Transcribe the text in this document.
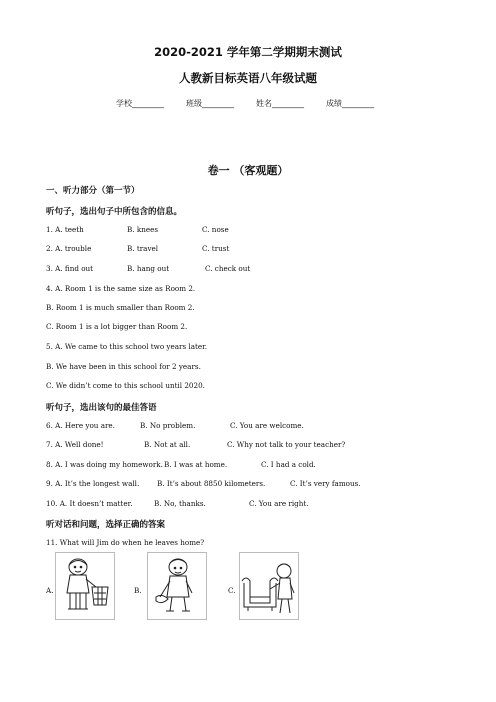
2020-2021 学年第二学期期末测试
人教新目标英语八年级试题
学校________	班级________	姓名________	成绩________
卷一 （客观题）
一、听力部分（第一节）
听句子，选出句子中所包含的信息。
1. A. teeth	B. knees	C. nose
2. A. trouble	B. travel	C. trust
3. A. find out	B. hang out	C. check out
4. A. Room 1 is the same size as Room 2.
B. Room 1 is much smaller than Room 2.
C. Room 1 is a lot bigger than Room 2.
5. A. We came to this school two years later.
B. We have been in this school for 2 years.
C. We didn’t come to this school until 2020.
听句子，选出该句的最佳答语
6. A. Here you are.	B. No problem.	C. You are welcome.
7. A. Well done!	B. Not at all.	C. Why not talk to your teacher?
8. A. I was doing my homework. B. I was at home.	C. I had a cold.
9. A. It’s the longest wall. B. It’s about 8850 kilometers.	C. It’s very famous.
10. A. It doesn’t matter.	B. No, thanks.	C. You are right.
听对话和问题，选择正确的答案
11. What will Jim do when he leaves home?
A.	B.	C.
